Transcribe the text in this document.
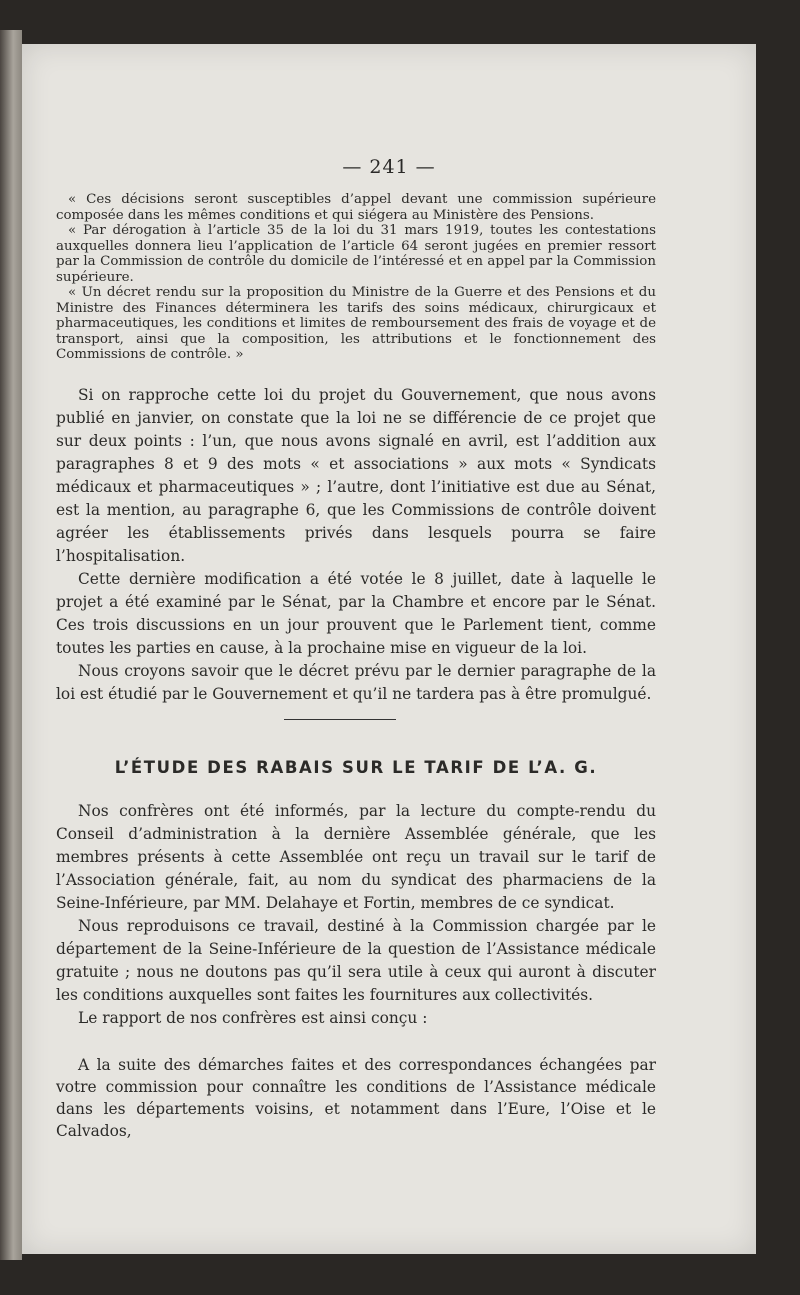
— 241 —

« Ces décisions seront susceptibles d’appel devant une commission supérieure composée dans les mêmes conditions et qui siégera au Ministère des Pensions.

« Par dérogation à l’article 35 de la loi du 31 mars 1919, toutes les contestations auxquelles donnera lieu l’application de l’article 64 seront jugées en premier ressort par la Commission de contrôle du domicile de l’intéressé et en appel par la Commission supérieure.

« Un décret rendu sur la proposition du Ministre de la Guerre et des Pensions et du Ministre des Finances déterminera les tarifs des soins médicaux, chirurgicaux et pharmaceutiques, les conditions et limites de remboursement des frais de voyage et de transport, ainsi que la composition, les attributions et le fonctionnement des Commissions de contrôle. »

Si on rapproche cette loi du projet du Gouvernement, que nous avons publié en janvier, on constate que la loi ne se différencie de ce projet que sur deux points : l’un, que nous avons signalé en avril, est l’addition aux paragraphes 8 et 9 des mots « et associations » aux mots « Syndicats médicaux et pharmaceutiques » ; l’autre, dont l’initiative est due au Sénat, est la mention, au paragraphe 6, que les Commissions de contrôle doivent agréer les établissements privés dans lesquels pourra se faire l’hospitalisation.

Cette dernière modification a été votée le 8 juillet, date à laquelle le projet a été examiné par le Sénat, par la Chambre et encore par le Sénat. Ces trois discussions en un jour prouvent que le Parlement tient, comme toutes les parties en cause, à la prochaine mise en vigueur de la loi.

Nous croyons savoir que le décret prévu par le dernier paragraphe de la loi est étudié par le Gouvernement et qu’il ne tardera pas à être promulgué.

L’ÉTUDE DES RABAIS SUR LE TARIF DE L’A. G.

Nos confrères ont été informés, par la lecture du compte-rendu du Conseil d’administration à la dernière Assemblée générale, que les membres présents à cette Assemblée ont reçu un travail sur le tarif de l’Association générale, fait, au nom du syndicat des pharmaciens de la Seine-Inférieure, par MM. Delahaye et Fortin, membres de ce syndicat.

Nous reproduisons ce travail, destiné à la Commission chargée par le département de la Seine-Inférieure de la question de l’Assistance médicale gratuite ; nous ne doutons pas qu’il sera utile à ceux qui auront à discuter les conditions auxquelles sont faites les fournitures aux collectivités.

Le rapport de nos confrères est ainsi conçu :

A la suite des démarches faites et des correspondances échangées par votre commission pour connaître les conditions de l’Assistance médicale dans les départements voisins, et notamment dans l’Eure, l’Oise et le Calvados,
